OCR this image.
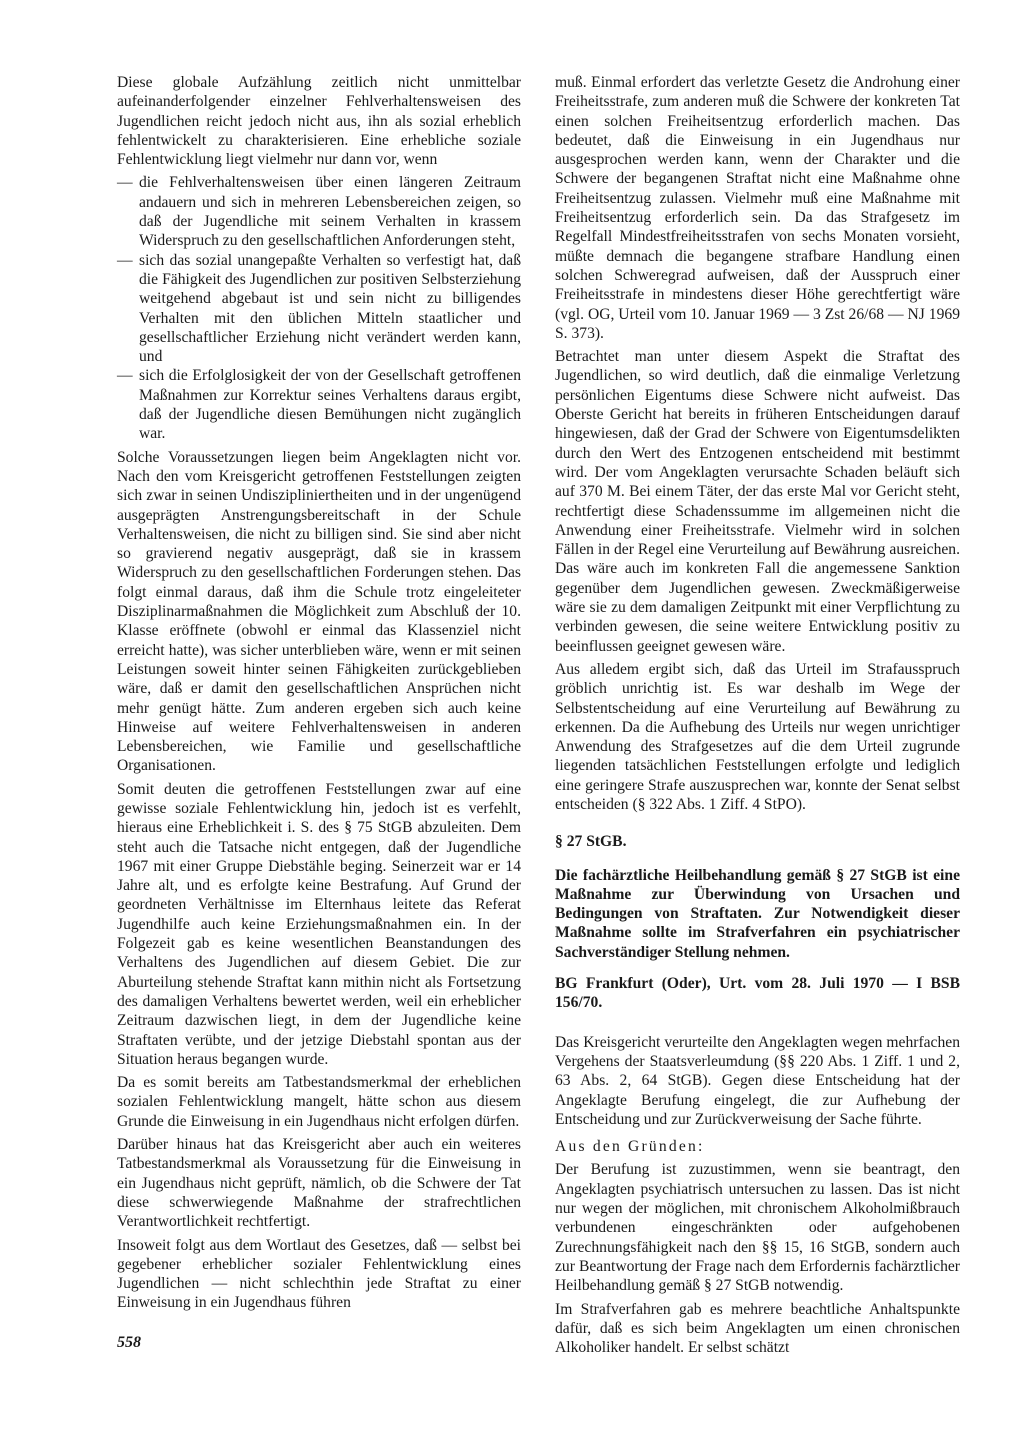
Diese globale Aufzählung zeitlich nicht unmittelbar aufeinanderfolgender einzelner Fehlverhaltensweisen des Jugendlichen reicht jedoch nicht aus, ihn als sozial erheblich fehlentwickelt zu charakterisieren. Eine erhebliche soziale Fehlentwicklung liegt vielmehr nur dann vor, wenn

— die Fehlverhaltensweisen über einen längeren Zeitraum andauern und sich in mehreren Lebensbereichen zeigen, so daß der Jugendliche mit seinem Verhalten in krassem Widerspruch zu den gesellschaftlichen Anforderungen steht,
— sich das sozial unangepaßte Verhalten so verfestigt hat, daß die Fähigkeit des Jugendlichen zur positiven Selbsterziehung weitgehend abgebaut ist und sein nicht zu billigendes Verhalten mit den üblichen Mitteln staatlicher und gesellschaftlicher Erziehung nicht verändert werden kann, und
— sich die Erfolglosigkeit der von der Gesellschaft getroffenen Maßnahmen zur Korrektur seines Verhaltens daraus ergibt, daß der Jugendliche diesen Bemühungen nicht zugänglich war.

Solche Voraussetzungen liegen beim Angeklagten nicht vor. Nach den vom Kreisgericht getroffenen Feststellungen zeigten sich zwar in seinen Undiszipliniertheiten und in der ungenügend ausgeprägten Anstrengungsbereitschaft in der Schule Verhaltensweisen, die nicht zu billigen sind. Sie sind aber nicht so gravierend negativ ausgeprägt, daß sie in krassem Widerspruch zu den gesellschaftlichen Forderungen stehen. Das folgt einmal daraus, daß ihm die Schule trotz eingeleiteter Disziplinarmaßnahmen die Möglichkeit zum Abschluß der 10. Klasse eröffnete (obwohl er einmal das Klassenziel nicht erreicht hatte), was sicher unterblieben wäre, wenn er mit seinen Leistungen soweit hinter seinen Fähigkeiten zurückgeblieben wäre, daß er damit den gesellschaftlichen Ansprüchen nicht mehr genügt hätte. Zum anderen ergeben sich auch keine Hinweise auf weitere Fehlverhaltensweisen in anderen Lebensbereichen, wie Familie und gesellschaftliche Organisationen.

Somit deuten die getroffenen Feststellungen zwar auf eine gewisse soziale Fehlentwicklung hin, jedoch ist es verfehlt, hieraus eine Erheblichkeit i. S. des § 75 StGB abzuleiten. Dem steht auch die Tatsache nicht entgegen, daß der Jugendliche 1967 mit einer Gruppe Diebstähle beging. Seinerzeit war er 14 Jahre alt, und es erfolgte keine Bestrafung. Auf Grund der geordneten Verhältnisse im Elternhaus leitete das Referat Jugendhilfe auch keine Erziehungsmaßnahmen ein. In der Folgezeit gab es keine wesentlichen Beanstandungen des Verhaltens des Jugendlichen auf diesem Gebiet. Die zur Aburteilung stehende Straftat kann mithin nicht als Fortsetzung des damaligen Verhaltens bewertet werden, weil ein erheblicher Zeitraum dazwischen liegt, in dem der Jugendliche keine Straftaten verübte, und der jetzige Diebstahl spontan aus der Situation heraus begangen wurde.

Da es somit bereits am Tatbestandsmerkmal der erheblichen sozialen Fehlentwicklung mangelt, hätte schon aus diesem Grunde die Einweisung in ein Jugendhaus nicht erfolgen dürfen.

Darüber hinaus hat das Kreisgericht aber auch ein weiteres Tatbestandsmerkmal als Voraussetzung für die Einweisung in ein Jugendhaus nicht geprüft, nämlich, ob die Schwere der Tat diese schwerwiegende Maßnahme der strafrechtlichen Verantwortlichkeit rechtfertigt.

Insoweit folgt aus dem Wortlaut des Gesetzes, daß — selbst bei gegebener erheblicher sozialer Fehlentwicklung eines Jugendlichen — nicht schlechthin jede Straftat zu einer Einweisung in ein Jugendhaus führen

muß. Einmal erfordert das verletzte Gesetz die Androhung einer Freiheitsstrafe, zum anderen muß die Schwere der konkreten Tat einen solchen Freiheitsentzug erforderlich machen. Das bedeutet, daß die Einweisung in ein Jugendhaus nur ausgesprochen werden kann, wenn der Charakter und die Schwere der begangenen Straftat nicht eine Maßnahme ohne Freiheitsentzug zulassen. Vielmehr muß eine Maßnahme mit Freiheitsentzug erforderlich sein. Da das Strafgesetz im Regelfall Mindestfreiheitsstrafen von sechs Monaten vorsieht, müßte demnach die begangene strafbare Handlung einen solchen Schweregrad aufweisen, daß der Ausspruch einer Freiheitsstrafe in mindestens dieser Höhe gerechtfertigt wäre (vgl. OG, Urteil vom 10. Januar 1969 — 3 Zst 26/68 — NJ 1969 S. 373).

Betrachtet man unter diesem Aspekt die Straftat des Jugendlichen, so wird deutlich, daß die einmalige Verletzung persönlichen Eigentums diese Schwere nicht aufweist. Das Oberste Gericht hat bereits in früheren Entscheidungen darauf hingewiesen, daß der Grad der Schwere von Eigentumsdelikten durch den Wert des Entzogenen entscheidend mit bestimmt wird. Der vom Angeklagten verursachte Schaden beläuft sich auf 370 M. Bei einem Täter, der das erste Mal vor Gericht steht, rechtfertigt diese Schadenssumme im allgemeinen nicht die Anwendung einer Freiheitsstrafe. Vielmehr wird in solchen Fällen in der Regel eine Verurteilung auf Bewährung ausreichen. Das wäre auch im konkreten Fall die angemessene Sanktion gegenüber dem Jugendlichen gewesen. Zweckmäßigerweise wäre sie zu dem damaligen Zeitpunkt mit einer Verpflichtung zu verbinden gewesen, die seine weitere Entwicklung positiv zu beeinflussen geeignet gewesen wäre.

Aus alledem ergibt sich, daß das Urteil im Strafausspruch gröblich unrichtig ist. Es war deshalb im Wege der Selbstentscheidung auf eine Verurteilung auf Bewährung zu erkennen. Da die Aufhebung des Urteils nur wegen unrichtiger Anwendung des Strafgesetzes auf die dem Urteil zugrunde liegenden tatsächlichen Feststellungen erfolgte und lediglich eine geringere Strafe auszusprechen war, konnte der Senat selbst entscheiden (§ 322 Abs. 1 Ziff. 4 StPO).

§ 27 StGB.

Die fachärztliche Heilbehandlung gemäß § 27 StGB ist eine Maßnahme zur Überwindung von Ursachen und Bedingungen von Straftaten. Zur Notwendigkeit dieser Maßnahme sollte im Strafverfahren ein psychiatrischer Sachverständiger Stellung nehmen.

BG Frankfurt (Oder), Urt. vom 28. Juli 1970 — I BSB 156/70.

Das Kreisgericht verurteilte den Angeklagten wegen mehrfachen Vergehens der Staatsverleumdung (§§ 220 Abs. 1 Ziff. 1 und 2, 63 Abs. 2, 64 StGB). Gegen diese Entscheidung hat der Angeklagte Berufung eingelegt, die zur Aufhebung der Entscheidung und zur Zurückverweisung der Sache führte.

Aus den Gründen:

Der Berufung ist zuzustimmen, wenn sie beantragt, den Angeklagten psychiatrisch untersuchen zu lassen. Das ist nicht nur wegen der möglichen, mit chronischem Alkoholmißbrauch verbundenen eingeschränkten oder aufgehobenen Zurechnungsfähigkeit nach den §§ 15, 16 StGB, sondern auch zur Beantwortung der Frage nach dem Erfordernis fachärztlicher Heilbehandlung gemäß § 27 StGB notwendig.

Im Strafverfahren gab es mehrere beachtliche Anhaltspunkte dafür, daß es sich beim Angeklagten um einen chronischen Alkoholiker handelt. Er selbst schätzt

558
